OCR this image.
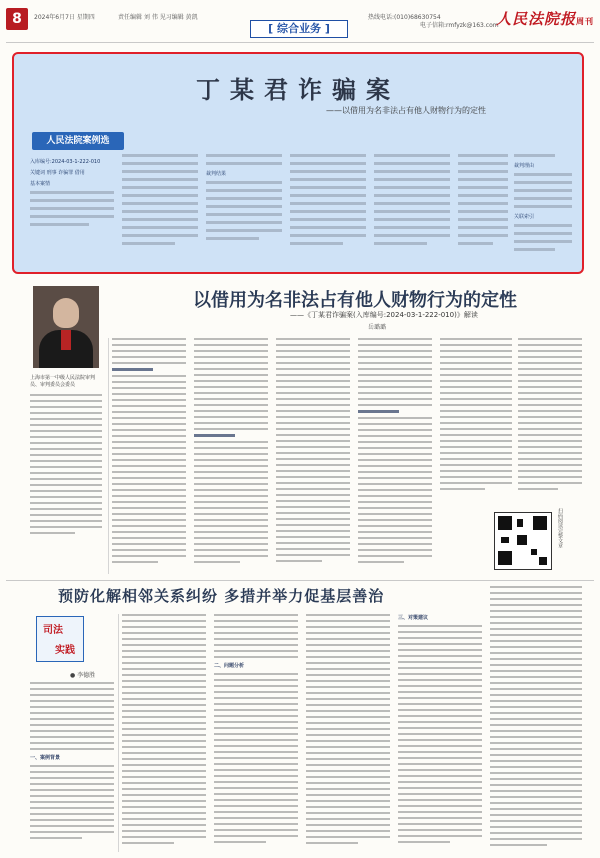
8	2024年6月7日 星期四	责任编辑 刘 伟 见习编辑 黄凯
[ 综合业务 ]
热线电话:(010)68630754
电子信箱:rmfyzk@163.com
人民法院报周刊
丁某君诈骗案
——以借用为名非法占有他人财物行为的定性
人民法院案例选
入库编号:2024-03-1-222-010
关键词 刑事 诈骗罪 借用
基本案情
裁判结果
裁判理由
关联索引
以借用为名非法占有他人财物行为的定性
——《丁某君诈骗案(入库编号:2024-03-1-222-010)》解读
岳璐璐
上海市第一中级人民法院审判员、审判委员会委员
扫码阅读完整文章
预防化解相邻关系纠纷 多措并举力促基层善治
司法
实践
● 李德胜
一、案例背景
二、问题分析
三、对策建议
